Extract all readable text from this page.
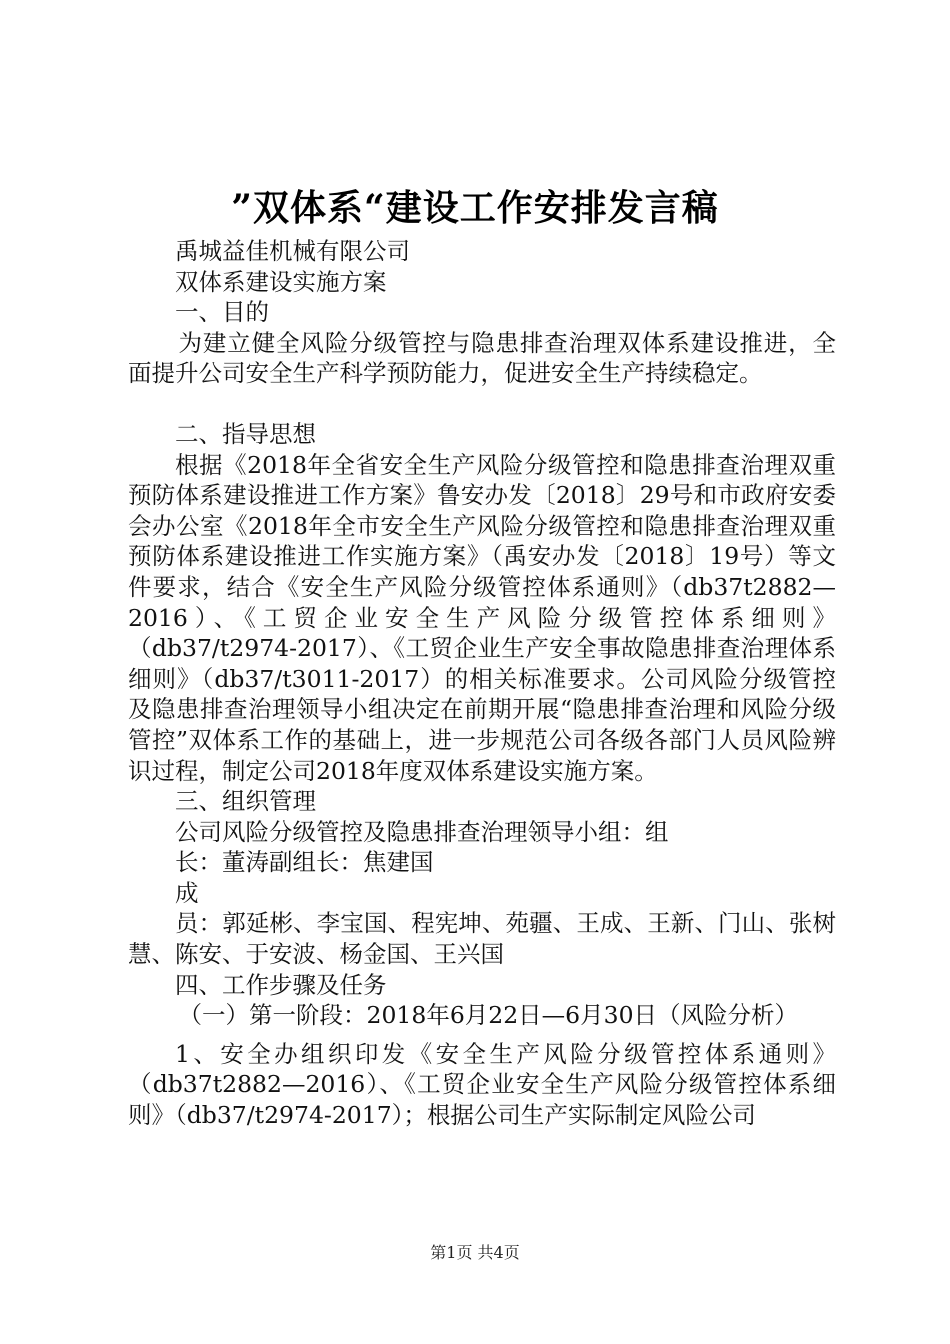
”双体系“建设工作安排发言稿

禹城益佳机械有限公司

双体系建设实施方案

一、目的

为建立健全风险分级管控与隐患排查治理双体系建设推进，全面提升公司安全生产科学预防能力，促进安全生产持续稳定。

二、指导思想

根据《2018年全省安全生产风险分级管控和隐患排查治理双重预防体系建设推进工作方案》鲁安办发〔2018〕29号和市政府安委会办公室《2018年全市安全生产风险分级管控和隐患排查治理双重预防体系建设推进工作实施方案》（禹安办发〔2018〕19号）等文件要求，结合《安全生产风险分级管控体系通则》（db37t2882—2016）、《工贸企业安全生产风险分级管控体系细则》（db37/t2974-2017）、《工贸企业生产安全事故隐患排查治理体系细则》（db37/t3011-2017）的相关标准要求。公司风险分级管控及隐患排查治理领导小组决定在前期开展“隐患排查治理和风险分级管控”双体系工作的基础上，进一步规范公司各级各部门人员风险辨识过程，制定公司2018年度双体系建设实施方案。

三、组织管理

公司风险分级管控及隐患排查治理领导小组：组

长：董涛副组长：焦建国

成

员：郭延彬、李宝国、程宪坤、苑疆、王成、王新、门山、张树慧、陈安、于安波、杨金国、王兴国

四、工作步骤及任务

（一）第一阶段：2018年6月22日—6月30日（风险分析）

1、安全办组织印发《安全生产风险分级管控体系通则》（db37t2882—2016）、《工贸企业安全生产风险分级管控体系细则》（db37/t2974-2017）；根据公司生产实际制定风险公司

第1页 共4页
